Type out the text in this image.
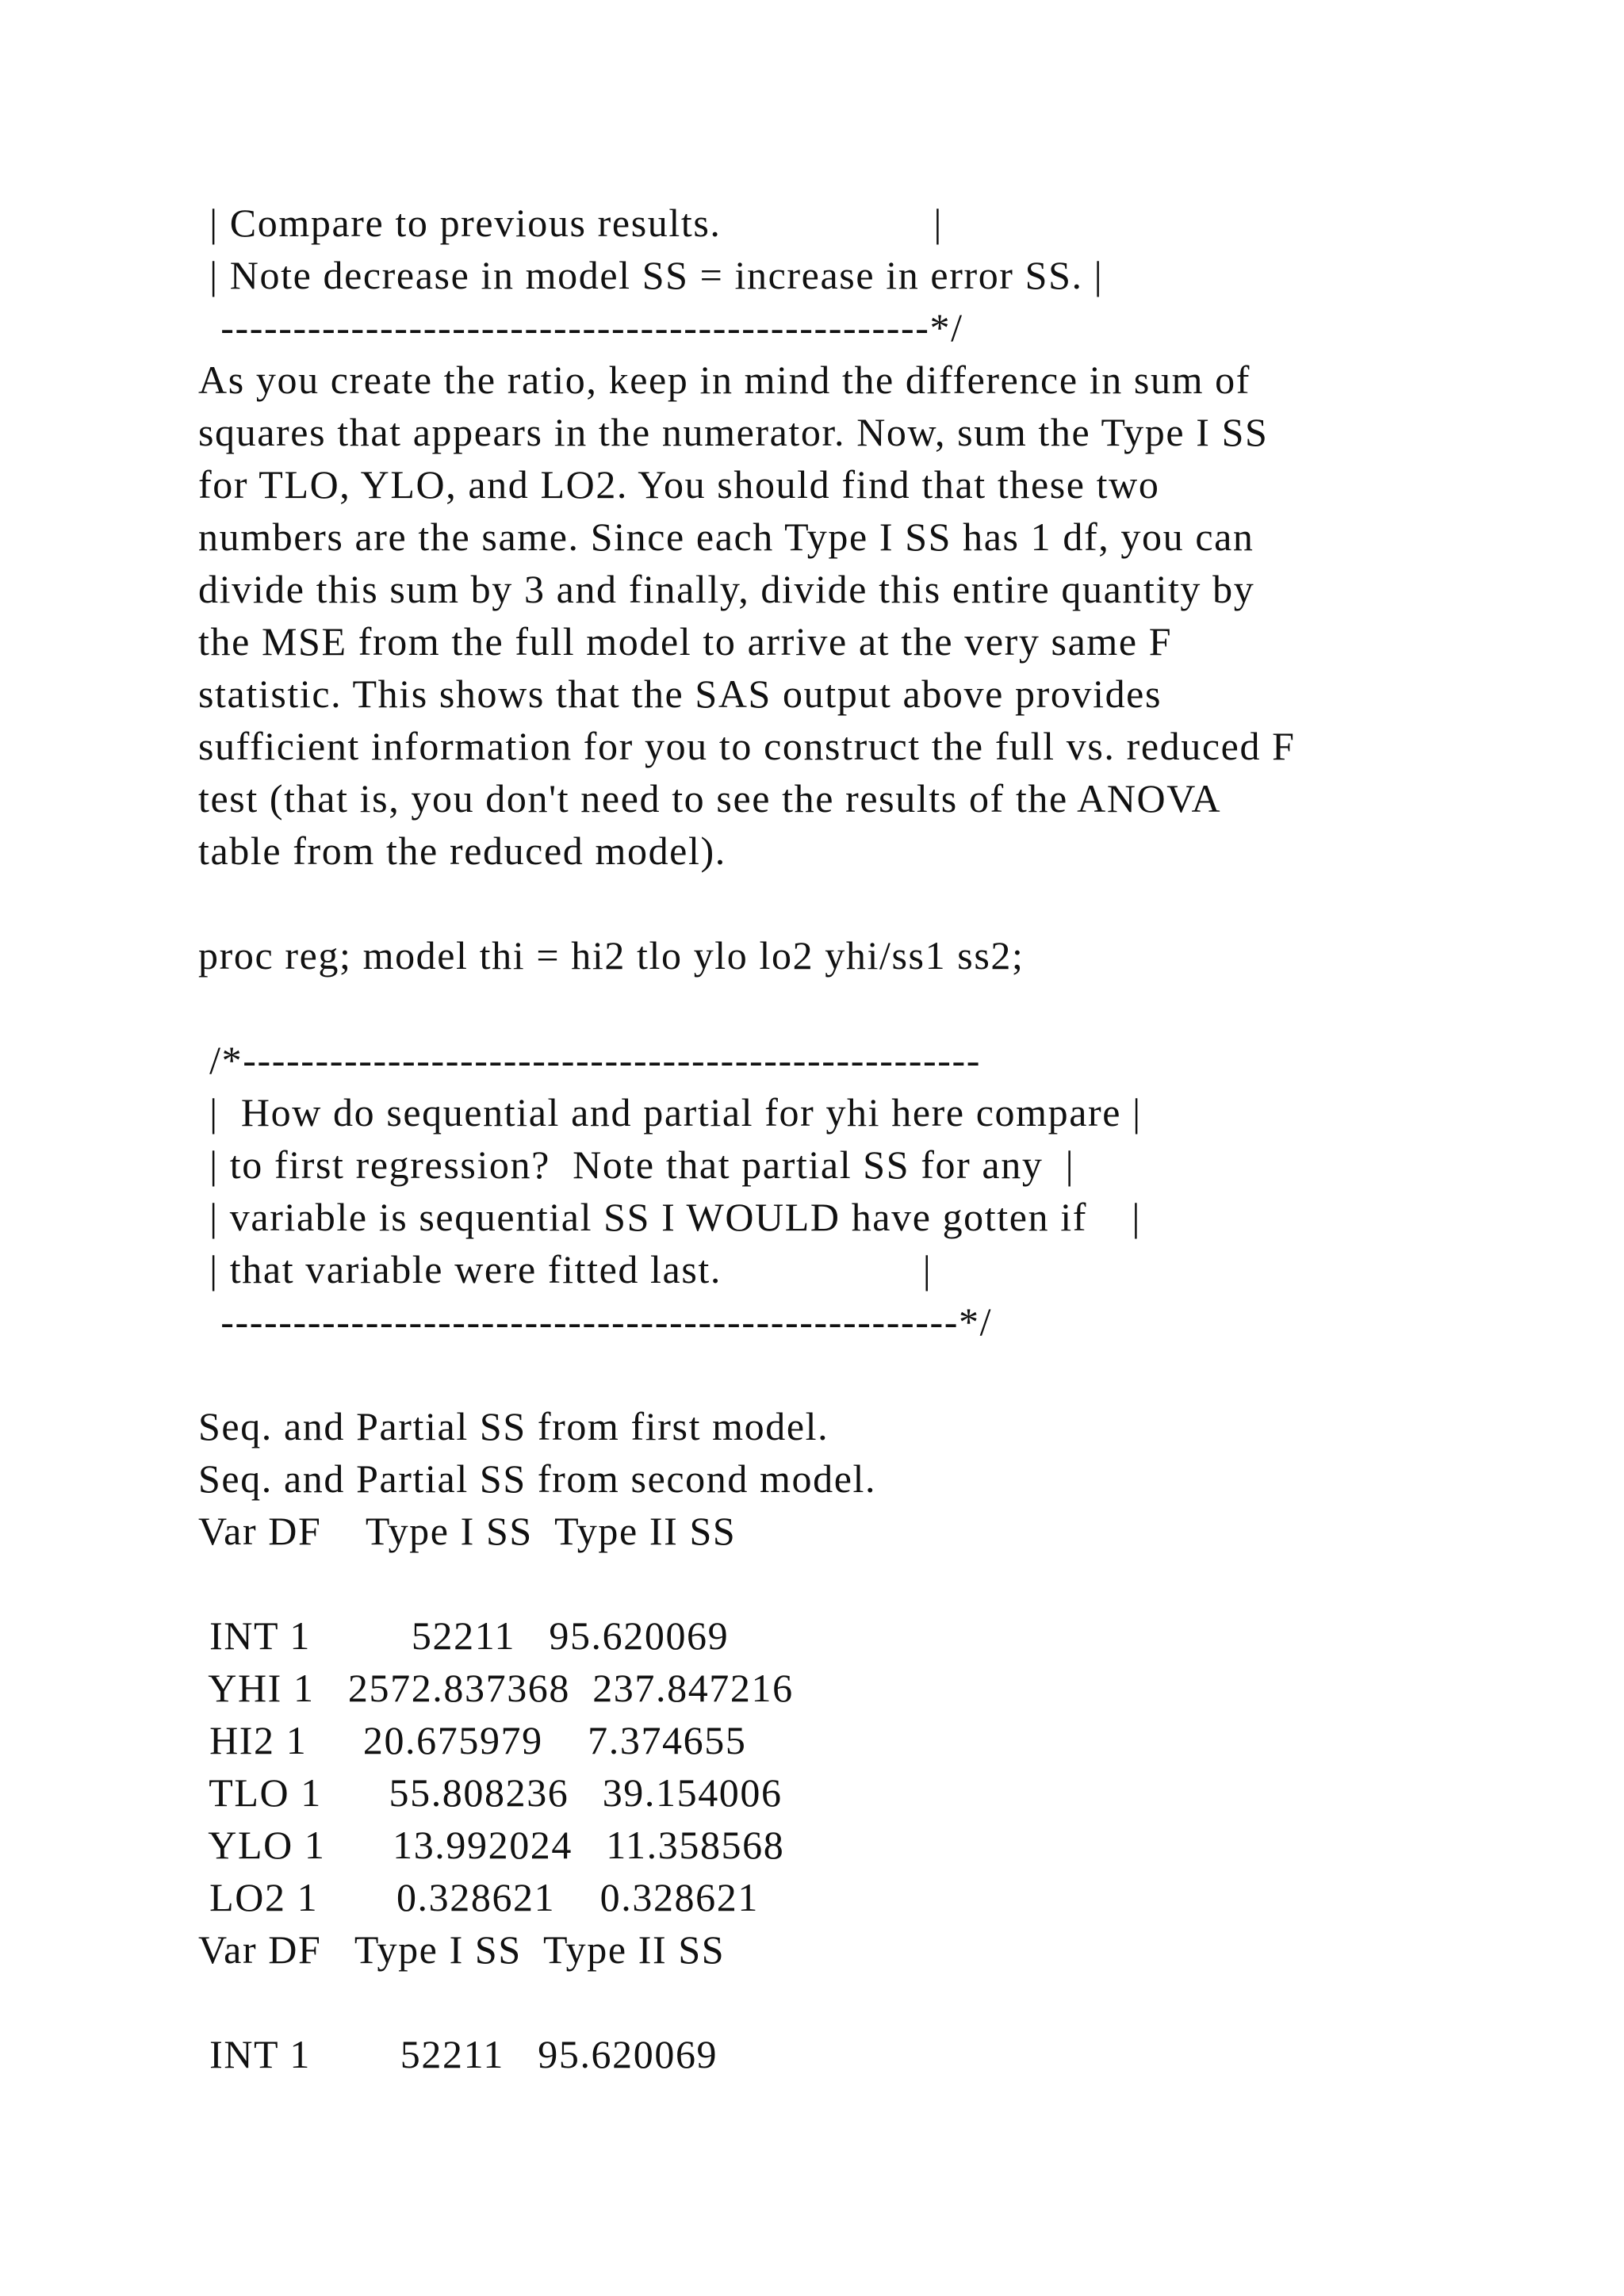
| Compare to previous results.                   |
| Note decrease in model SS = increase in error SS. |
-------------------------------------------------*/
As you create the ratio, keep in mind the difference in sum of
squares that appears in the numerator. Now, sum the Type I SS
for TLO, YLO, and LO2. You should find that these two
numbers are the same. Since each Type I SS has 1 df, you can
divide this sum by 3 and finally, divide this entire quantity by
the MSE from the full model to arrive at the very same F
statistic. This shows that the SAS output above provides
sufficient information for you to construct the full vs. reduced F
test (that is, you don't need to see the results of the ANOVA
table from the reduced model).
proc reg; model thi = hi2 tlo ylo lo2 yhi/ss1 ss2;
/*---------------------------------------------------
|  How do sequential and partial for yhi here compare |
| to first regression?  Note that partial SS for any  |
| variable is sequential SS I WOULD have gotten if    |
| that variable were fitted last.                  |
---------------------------------------------------*/
Seq. and Partial SS from first model.
Seq. and Partial SS from second model.
Var DF    Type I SS  Type II SS
INT 1         52211   95.620069
YHI 1   2572.837368  237.847216
HI2 1     20.675979    7.374655
TLO 1      55.808236   39.154006
YLO 1      13.992024   11.358568
LO2 1       0.328621    0.328621
Var DF   Type I SS  Type II SS
INT 1        52211   95.620069
